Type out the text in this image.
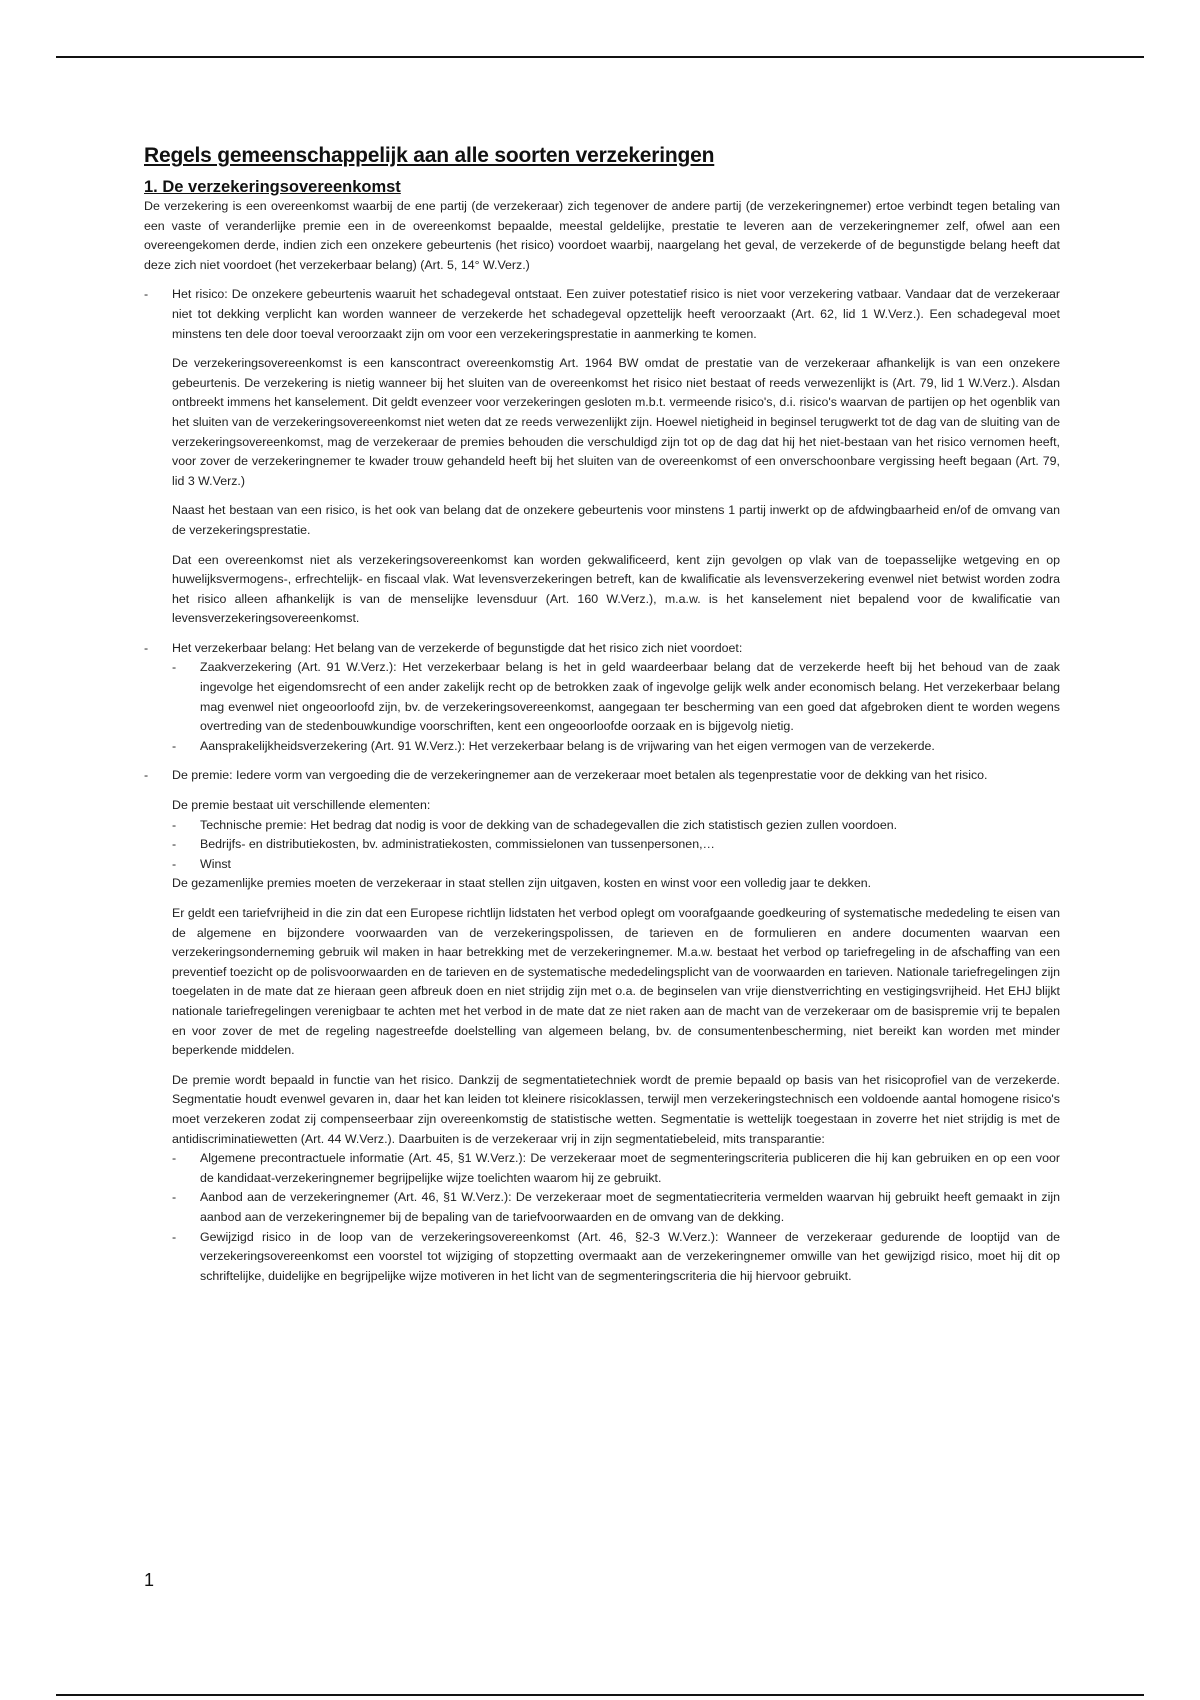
Regels gemeenschappelijk aan alle soorten verzekeringen
1. De verzekeringsovereenkomst

De verzekering is een overeenkomst waarbij de ene partij (de verzekeraar) zich tegenover de andere partij (de verzekeringnemer) ertoe verbindt tegen betaling van een vaste of veranderlijke premie een in de overeenkomst bepaalde, meestal geldelijke, prestatie te leveren aan de verzekeringnemer zelf, ofwel aan een overeengekomen derde, indien zich een onzekere gebeurtenis (het risico) voordoet waarbij, naargelang het geval, de verzekerde of de begunstigde belang heeft dat deze zich niet voordoet (het verzekerbaar belang) (Art. 5, 14° W.Verz.)

- Het risico: De onzekere gebeurtenis waaruit het schadegeval ontstaat. Een zuiver potestatief risico is niet voor verzekering vatbaar. Vandaar dat de verzekeraar niet tot dekking verplicht kan worden wanneer de verzekerde het schadegeval opzettelijk heeft veroorzaakt (Art. 62, lid 1 W.Verz.). Een schadegeval moet minstens ten dele door toeval veroorzaakt zijn om voor een verzekeringsprestatie in aanmerking te komen.

De verzekeringsovereenkomst is een kanscontract overeenkomstig Art. 1964 BW omdat de prestatie van de verzekeraar afhankelijk is van een onzekere gebeurtenis. De verzekering is nietig wanneer bij het sluiten van de overeenkomst het risico niet bestaat of reeds verwezenlijkt is (Art. 79, lid 1 W.Verz.). Alsdan ontbreekt immens het kanselement. Dit geldt evenzeer voor verzekeringen gesloten m.b.t. vermeende risico's, d.i. risico's waarvan de partijen op het ogenblik van het sluiten van de verzekeringsovereenkomst niet weten dat ze reeds verwezenlijkt zijn. Hoewel nietigheid in beginsel terugwerkt tot de dag van de sluiting van de verzekeringsovereenkomst, mag de verzekeraar de premies behouden die verschuldigd zijn tot op de dag dat hij het niet-bestaan van het risico vernomen heeft, voor zover de verzekeringnemer te kwader trouw gehandeld heeft bij het sluiten van de overeenkomst of een onverschoonbare vergissing heeft begaan (Art. 79, lid 3 W.Verz.)

Naast het bestaan van een risico, is het ook van belang dat de onzekere gebeurtenis voor minstens 1 partij inwerkt op de afdwingbaarheid en/of de omvang van de verzekeringsprestatie.

Dat een overeenkomst niet als verzekeringsovereenkomst kan worden gekwalificeerd, kent zijn gevolgen op vlak van de toepasselijke wetgeving en op huwelijksvermogens-, erfrechtelijk- en fiscaal vlak. Wat levensverzekeringen betreft, kan de kwalificatie als levensverzekering evenwel niet betwist worden zodra het risico alleen afhankelijk is van de menselijke levensduur (Art. 160 W.Verz.), m.a.w. is het kanselement niet bepalend voor de kwalificatie van levensverzekeringsovereenkomst.

- Het verzekerbaar belang: Het belang van de verzekerde of begunstigde dat het risico zich niet voordoet:

- Zaakverzekering (Art. 91 W.Verz.): Het verzekerbaar belang is het in geld waardeerbaar belang dat de verzekerde heeft bij het behoud van de zaak ingevolge het eigendomsrecht of een ander zakelijk recht op de betrokken zaak of ingevolge gelijk welk ander economisch belang. Het verzekerbaar belang mag evenwel niet ongeoorloofd zijn, bv. de verzekeringsovereenkomst, aangegaan ter bescherming van een goed dat afgebroken dient te worden wegens overtreding van de stedenbouwkundige voorschriften, kent een ongeoorloofde oorzaak en is bijgevolg nietig.
- Aansprakelijkheidsverzekering (Art. 91 W.Verz.): Het verzekerbaar belang is de vrijwaring van het eigen vermogen van de verzekerde.

- De premie: Iedere vorm van vergoeding die de verzekeringnemer aan de verzekeraar moet betalen als tegenprestatie voor de dekking van het risico.

De premie bestaat uit verschillende elementen:

- Technische premie: Het bedrag dat nodig is voor de dekking van de schadegevallen die zich statistisch gezien zullen voordoen.
- Bedrijfs- en distributiekosten, bv. administratiekosten, commissielonen van tussenpersonen,…
- Winst

De gezamenlijke premies moeten de verzekeraar in staat stellen zijn uitgaven, kosten en winst voor een volledig jaar te dekken.

Er geldt een tariefvrijheid in die zin dat een Europese richtlijn lidstaten het verbod oplegt om voorafgaande goedkeuring of systematische mededeling te eisen van de algemene en bijzondere voorwaarden van de verzekeringspolissen, de tarieven en de formulieren en andere documenten waarvan een verzekeringsonderneming gebruik wil maken in haar betrekking met de verzekeringnemer. M.a.w. bestaat het verbod op tariefregeling in de afschaffing van een preventief toezicht op de polisvoorwaarden en de tarieven en de systematische mededelingsplicht van de voorwaarden en tarieven. Nationale tariefregelingen zijn toegelaten in de mate dat ze hieraan geen afbreuk doen en niet strijdig zijn met o.a. de beginselen van vrije dienstverrichting en vestigingsvrijheid. Het EHJ blijkt nationale tariefregelingen verenigbaar te achten met het verbod in de mate dat ze niet raken aan de macht van de verzekeraar om de basispremie vrij te bepalen en voor zover de met de regeling nagestreefde doelstelling van algemeen belang, bv. de consumentenbescherming, niet bereikt kan worden met minder beperkende middelen.

De premie wordt bepaald in functie van het risico. Dankzij de segmentatietechniek wordt de premie bepaald op basis van het risicoprofiel van de verzekerde. Segmentatie houdt evenwel gevaren in, daar het kan leiden tot kleinere risicoklassen, terwijl men verzekeringstechnisch een voldoende aantal homogene risico's moet verzekeren zodat zij compenseerbaar zijn overeenkomstig de statistische wetten. Segmentatie is wettelijk toegestaan in zoverre het niet strijdig is met de antidiscriminatiewetten (Art. 44 W.Verz.). Daarbuiten is de verzekeraar vrij in zijn segmentatiebeleid, mits transparantie:

- Algemene precontractuele informatie (Art. 45, §1 W.Verz.): De verzekeraar moet de segmenteringscriteria publiceren die hij kan gebruiken en op een voor de kandidaat-verzekeringnemer begrijpelijke wijze toelichten waarom hij ze gebruikt.
- Aanbod aan de verzekeringnemer (Art. 46, §1 W.Verz.): De verzekeraar moet de segmentatiecriteria vermelden waarvan hij gebruikt heeft gemaakt in zijn aanbod aan de verzekeringnemer bij de bepaling van de tariefvoorwaarden en de omvang van de dekking.
- Gewijzigd risico in de loop van de verzekeringsovereenkomst (Art. 46, §2-3 W.Verz.): Wanneer de verzekeraar gedurende de looptijd van de verzekeringsovereenkomst een voorstel tot wijziging of stopzetting overmaakt aan de verzekeringnemer omwille van het gewijzigd risico, moet hij dit op schriftelijke, duidelijke en begrijpelijke wijze motiveren in het licht van de segmenteringscriteria die hij hiervoor gebruikt.
1
